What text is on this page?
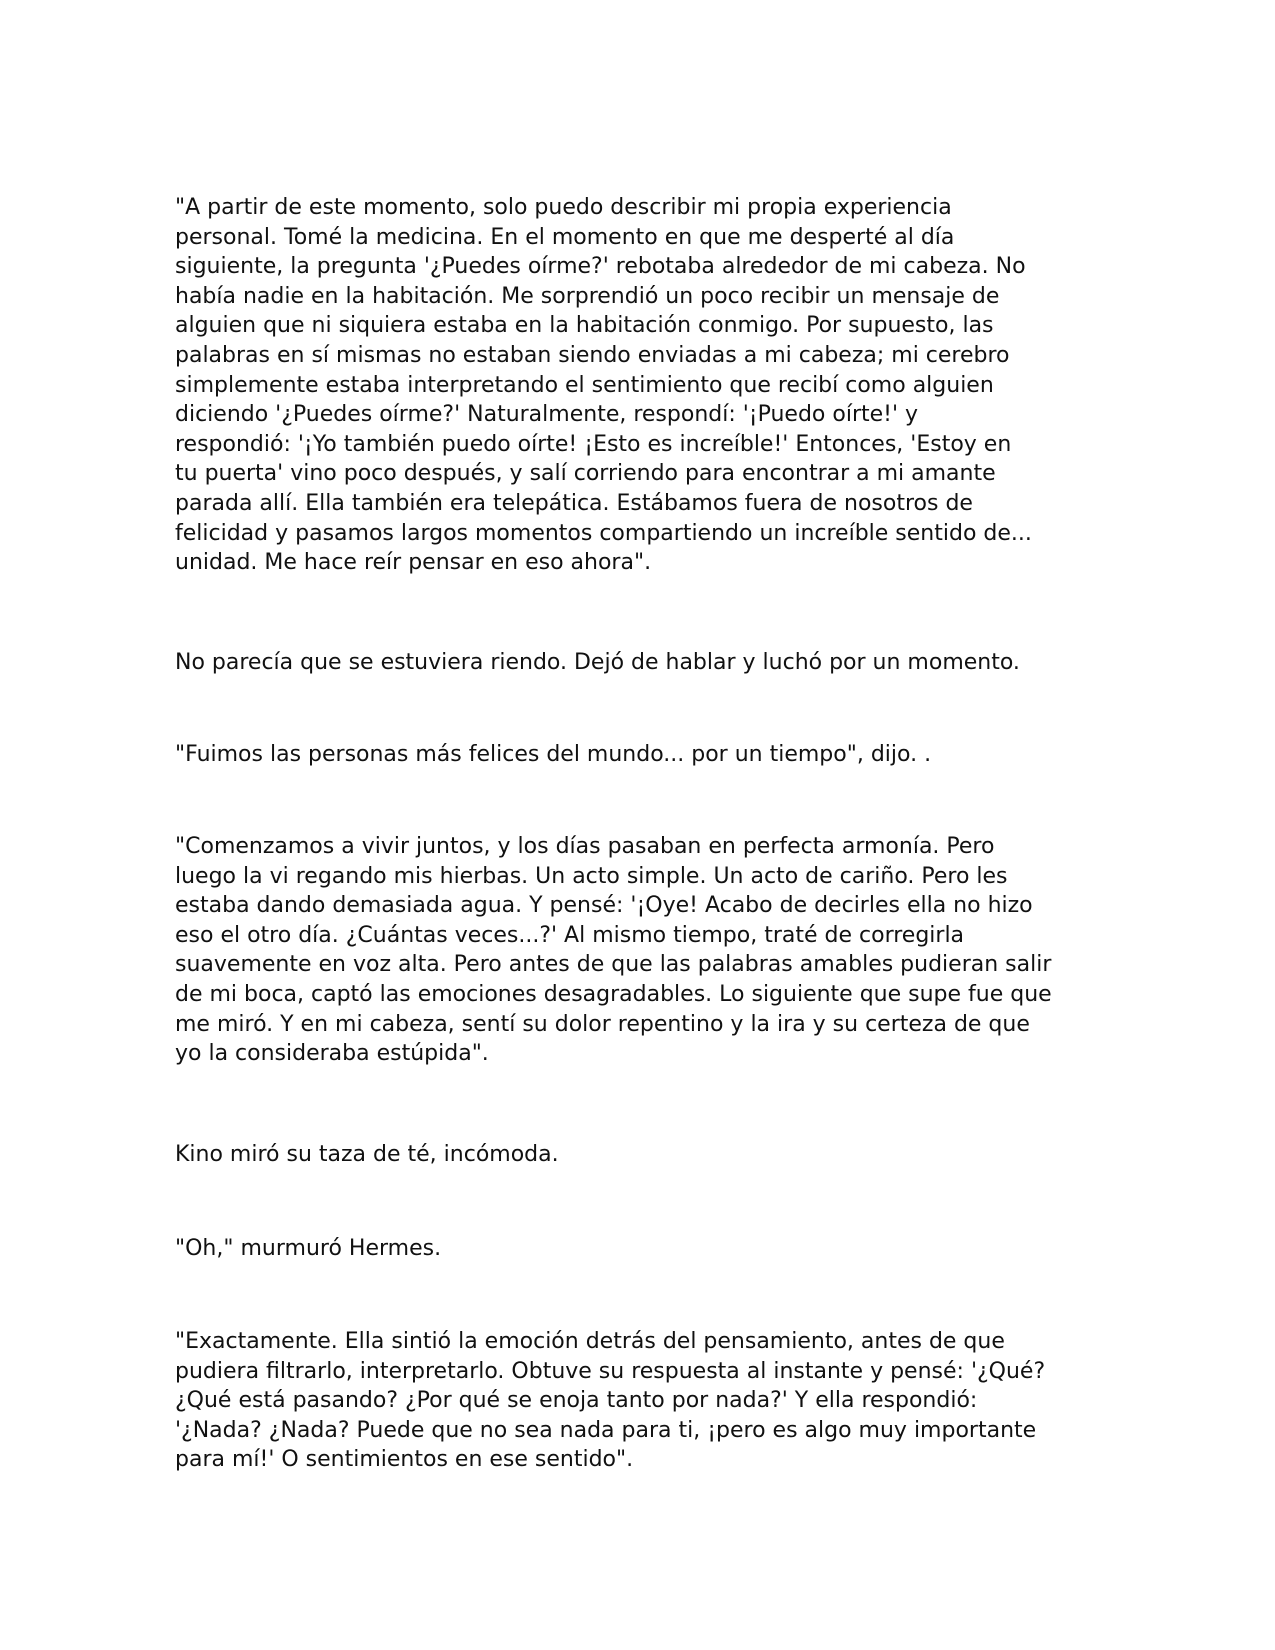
"A partir de este momento, solo puedo describir mi propia experiencia
personal. Tomé la medicina. En el momento en que me desperté al día
siguiente, la pregunta '¿Puedes oírme?' rebotaba alrededor de mi cabeza. No
había nadie en la habitación. Me sorprendió un poco recibir un mensaje de
alguien que ni siquiera estaba en la habitación conmigo. Por supuesto, las
palabras en sí mismas no estaban siendo enviadas a mi cabeza; mi cerebro
simplemente estaba interpretando el sentimiento que recibí como alguien
diciendo '¿Puedes oírme?' Naturalmente, respondí: '¡Puedo oírte!' y
respondió: '¡Yo también puedo oírte! ¡Esto es increíble!' Entonces, 'Estoy en
tu puerta' vino poco después, y salí corriendo para encontrar a mi amante
parada allí. Ella también era telepática. Estábamos fuera de nosotros de
felicidad y pasamos largos momentos compartiendo un increíble sentido de...
unidad. Me hace reír pensar en eso ahora".

No parecía que se estuviera riendo. Dejó de hablar y luchó por un momento.

"Fuimos las personas más felices del mundo... por un tiempo", dijo. .

"Comenzamos a vivir juntos, y los días pasaban en perfecta armonía. Pero
luego la vi regando mis hierbas. Un acto simple. Un acto de cariño. Pero les
estaba dando demasiada agua. Y pensé: '¡Oye! Acabo de decirles ella no hizo
eso el otro día. ¿Cuántas veces...?' Al mismo tiempo, traté de corregirla
suavemente en voz alta. Pero antes de que las palabras amables pudieran salir
de mi boca, captó las emociones desagradables. Lo siguiente que supe fue que
me miró. Y en mi cabeza, sentí su dolor repentino y la ira y su certeza de que
yo la consideraba estúpida".

Kino miró su taza de té, incómoda.

"Oh," murmuró Hermes.

"Exactamente. Ella sintió la emoción detrás del pensamiento, antes de que
pudiera filtrarlo, interpretarlo. Obtuve su respuesta al instante y pensé: '¿Qué?
¿Qué está pasando? ¿Por qué se enoja tanto por nada?' Y ella respondió:
'¿Nada? ¿Nada? Puede que no sea nada para ti, ¡pero es algo muy importante
para mí!' O sentimientos en ese sentido".
